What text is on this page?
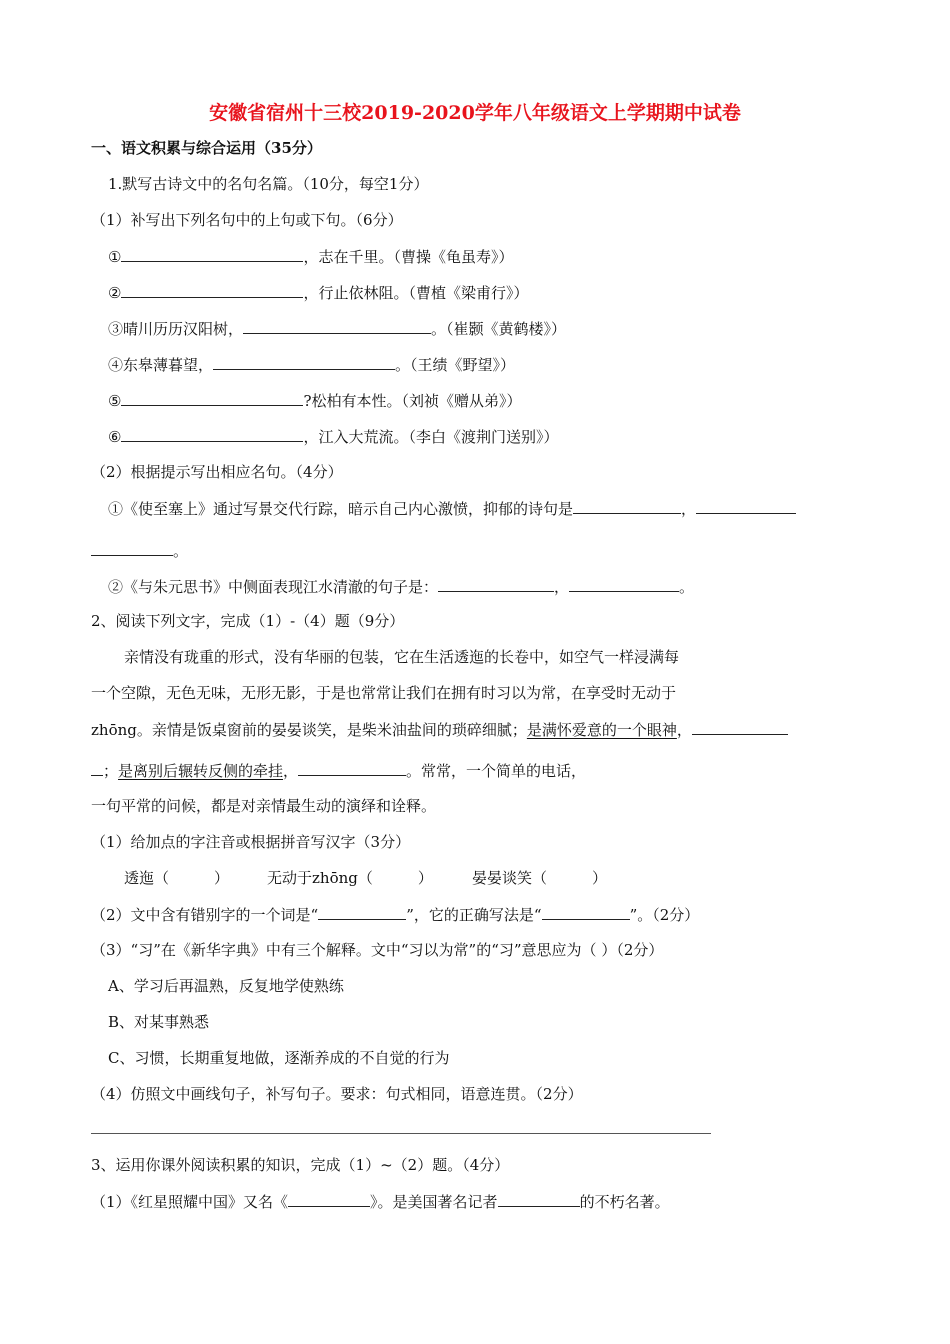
安徽省宿州十三校2019-2020学年八年级语文上学期期中试卷
一、语文积累与综合运用（35分）
1.默写古诗文中的名句名篇。（10分，每空1分）
（1）补写出下列名句中的上句或下句。（6分）
①	，志在千里。（曹操《龟虽寿》）
②	，行止依林阻。（曹植《梁甫行》）
③晴川历历汉阳树，	。（崔颢《黄鹤楼》）
④东皋薄暮望，	。（王绩《野望》）
⑤	?松柏有本性。（刘祯《赠从弟》）
⑥	，江入大荒流。（李白《渡荆门送别》）
（2）根据提示写出相应名句。（4分）
①《使至塞上》通过写景交代行踪，暗示自己内心激愤，抑郁的诗句是	，
。
②《与朱元思书》中侧面表现江水清澈的句子是：	，	。
2、阅读下列文字，完成（1）-（4）题（9分）
亲情没有珑重的形式，没有华丽的包装，它在生活透迤的长卷中，如空气一样浸满每
一个空隙，无色无味，无形无影，于是也常常让我们在拥有时习以为常，在享受时无动于
zhōng。亲情是饭桌窗前的晏晏谈笑，是柴米油盐间的琐碎细腻；是满怀爱意的一个眼神，
；是离别后辗转反侧的牵挂，	。常常，一个简单的电话，
一句平常的问候，都是对亲情最生动的演绎和诠释。
（1）给加点的字注音或根据拼音写汉字（3分）
透迤（　　　）	无动于zhōng（　　　）	晏晏谈笑（　　　）
（2）文中含有错别字的一个词是“	”，它的正确写法是“	”。（2分）
（3）“习”在《新华字典》中有三个解释。文中“习以为常”的“习”意思应为（ ）（2分）
A、学习后再温熟，反复地学使熟练
B、对某事熟悉
C、习惯，长期重复地做，逐渐养成的不自觉的行为
（4）仿照文中画线句子，补写句子。要求：句式相同，语意连贯。（2分）
3、运用你课外阅读积累的知识，完成（1）~（2）题。（4分）
（1）《红星照耀中国》又名《	》。是美国著名记者	的不朽名著。
